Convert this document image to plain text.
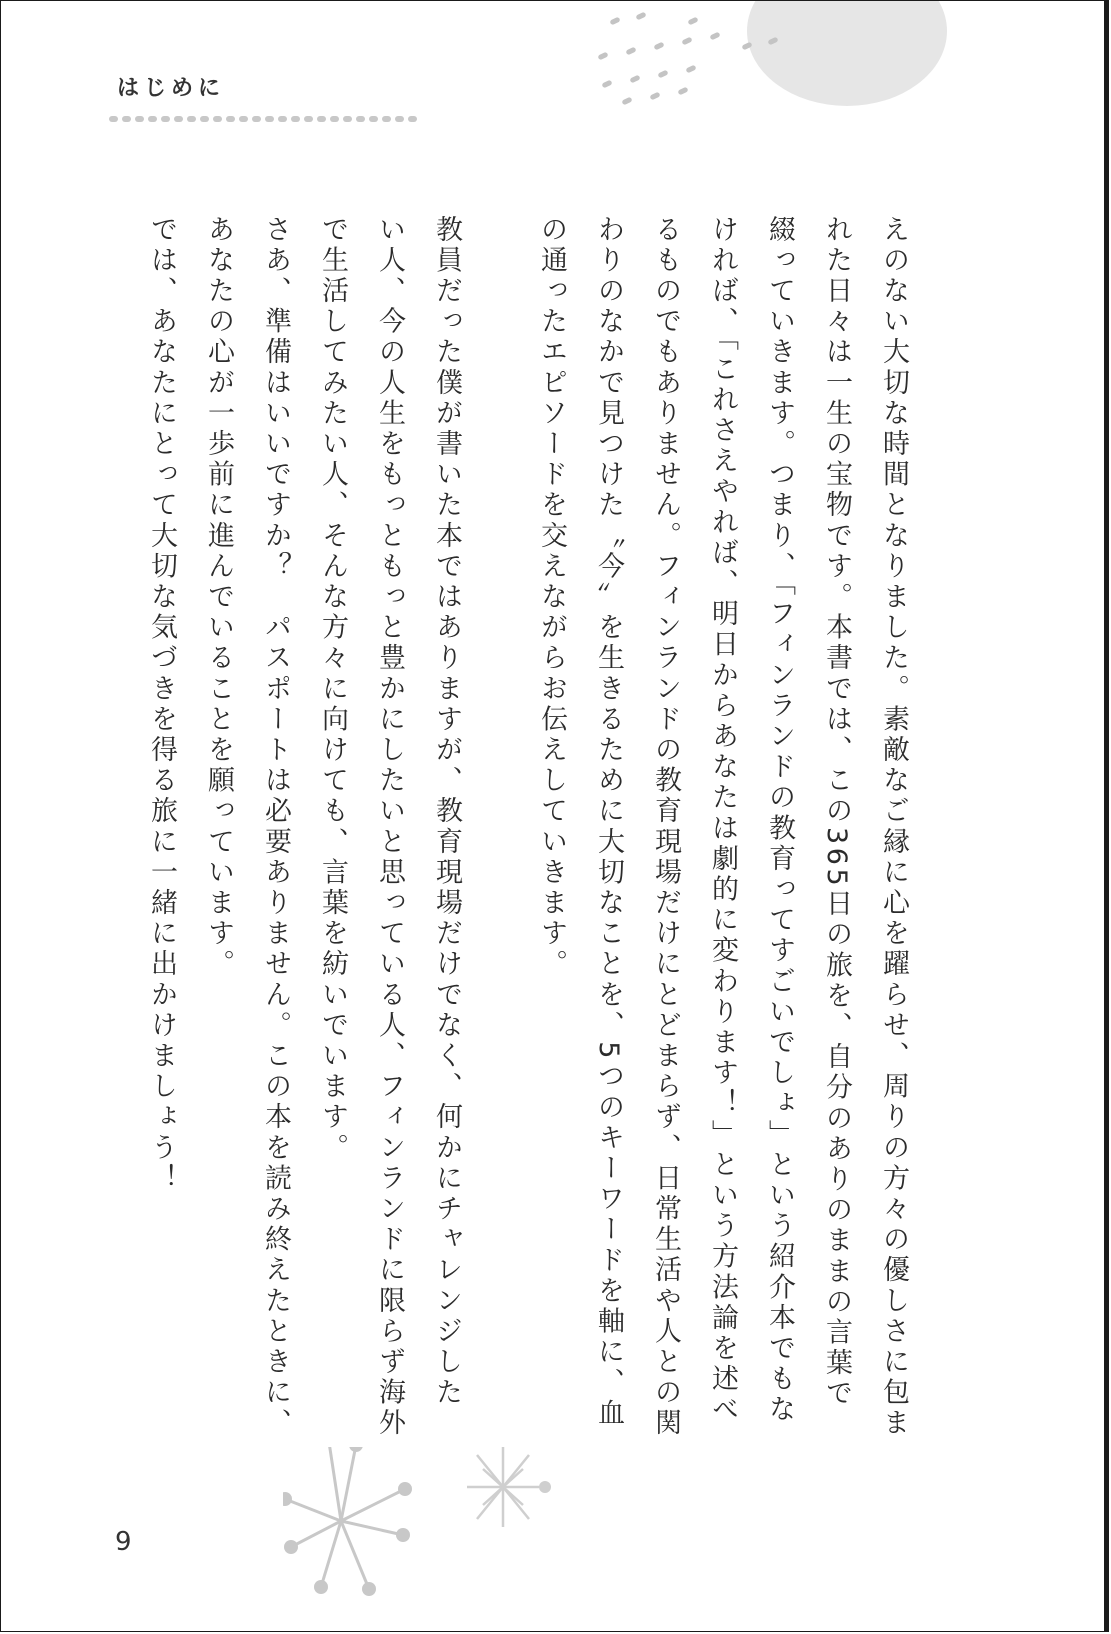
はじめに
えのない大切な時間となりました。素敵なご縁に心を躍らせ、周りの方々の優しさに包ま
れた日々は一生の宝物です。本書では、この365日の旅を、自分のありのままの言葉で
綴っていきます。つまり、「フィンランドの教育ってすごいでしょ」という紹介本でもな
ければ、「これさえやれば、明日からあなたは劇的に変わります！」という方法論を述べ
るものでもありません。フィンランドの教育現場だけにとどまらず、日常生活や人との関
わりのなかで見つけた〝今〟を生きるために大切なことを、5つのキーワードを軸に、血
の通ったエピソードを交えながらお伝えしていきます。
教員だった僕が書いた本ではありますが、教育現場だけでなく、何かにチャレンジした
い人、今の人生をもっともっと豊かにしたいと思っている人、フィンランドに限らず海外
で生活してみたい人、そんな方々に向けても、言葉を紡いでいます。
さあ、準備はいいですか？　パスポートは必要ありません。この本を読み終えたときに、
あなたの心が一歩前に進んでいることを願っています。
では、あなたにとって大切な気づきを得る旅に一緒に出かけましょう！
9
